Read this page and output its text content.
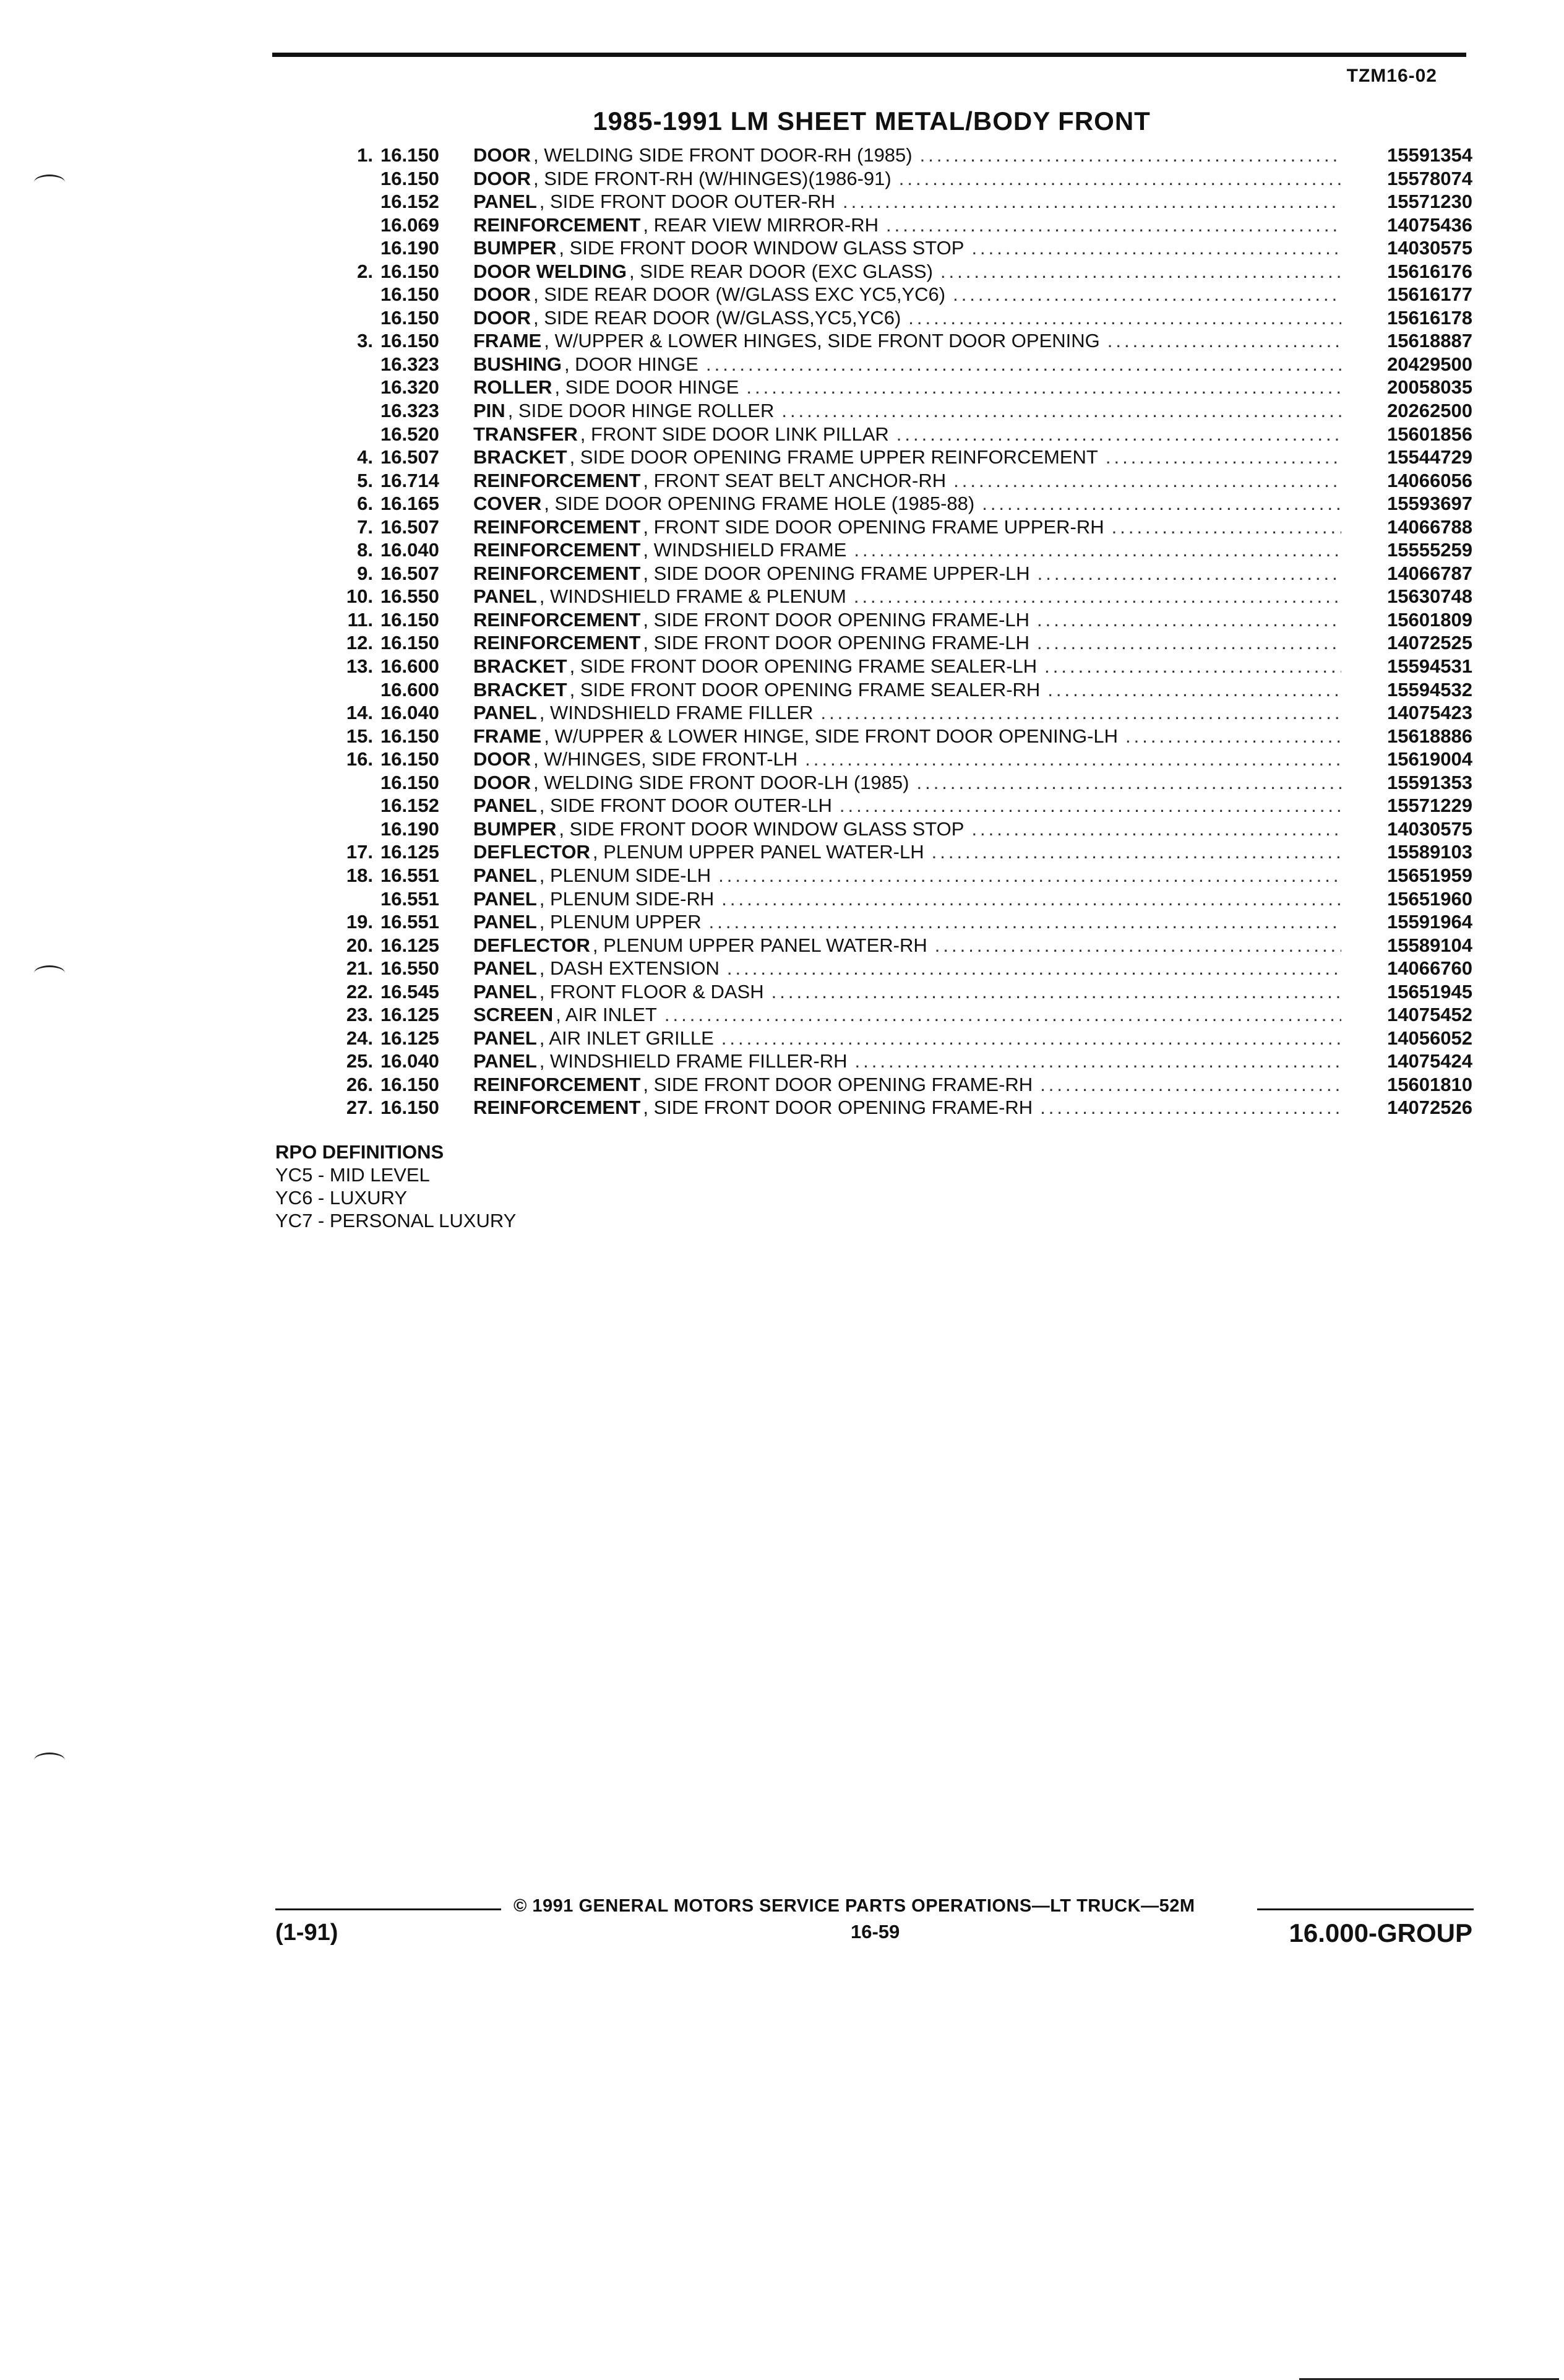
TZM16-02
1985-1991 LM SHEET METAL/BODY FRONT
1. 16.150	DOOR , WELDING SIDE FRONT DOOR-RH (1985) .....	15591354
16.150	DOOR , SIDE FRONT-RH (W/HINGES)(1986-91) .....	15578074
16.152	PANEL , SIDE FRONT DOOR OUTER-RH .....	15571230
16.069	REINFORCEMENT , REAR VIEW MIRROR-RH .....	14075436
16.190	BUMPER , SIDE FRONT DOOR WINDOW GLASS STOP .....	14030575
2. 16.150	DOOR WELDING , SIDE REAR DOOR (EXC GLASS) .....	15616176
16.150	DOOR , SIDE REAR DOOR (W/GLASS EXC YC5,YC6) .....	15616177
16.150	DOOR , SIDE REAR DOOR (W/GLASS,YC5,YC6) .....	15616178
3. 16.150	FRAME , W/UPPER & LOWER HINGES, SIDE FRONT DOOR OPENING .....	15618887
16.323	BUSHING , DOOR HINGE .....	20429500
16.320	ROLLER , SIDE DOOR HINGE .....	20058035
16.323	PIN , SIDE DOOR HINGE ROLLER .....	20262500
16.520	TRANSFER , FRONT SIDE DOOR LINK PILLAR .....	15601856
4. 16.507	BRACKET , SIDE DOOR OPENING FRAME UPPER REINFORCEMENT .....	15544729
5. 16.714	REINFORCEMENT , FRONT SEAT BELT ANCHOR-RH .....	14066056
6. 16.165	COVER , SIDE DOOR OPENING FRAME HOLE (1985-88) .....	15593697
7. 16.507	REINFORCEMENT , FRONT SIDE DOOR OPENING FRAME UPPER-RH .....	14066788
8. 16.040	REINFORCEMENT , WINDSHIELD FRAME .....	15555259
9. 16.507	REINFORCEMENT , SIDE DOOR OPENING FRAME UPPER-LH .....	14066787
10. 16.550	PANEL , WINDSHIELD FRAME & PLENUM .....	15630748
11. 16.150	REINFORCEMENT , SIDE FRONT DOOR OPENING FRAME-LH .....	15601809
12. 16.150	REINFORCEMENT , SIDE FRONT DOOR OPENING FRAME-LH .....	14072525
13. 16.600	BRACKET , SIDE FRONT DOOR OPENING FRAME SEALER-LH .....	15594531
16.600	BRACKET , SIDE FRONT DOOR OPENING FRAME SEALER-RH .....	15594532
14. 16.040	PANEL , WINDSHIELD FRAME FILLER .....	14075423
15. 16.150	FRAME , W/UPPER & LOWER HINGE, SIDE FRONT DOOR OPENING-LH .....	15618886
16. 16.150	DOOR , W/HINGES, SIDE FRONT-LH .....	15619004
16.150	DOOR , WELDING SIDE FRONT DOOR-LH (1985) .....	15591353
16.152	PANEL , SIDE FRONT DOOR OUTER-LH .....	15571229
16.190	BUMPER , SIDE FRONT DOOR WINDOW GLASS STOP .....	14030575
17. 16.125	DEFLECTOR , PLENUM UPPER PANEL WATER-LH .....	15589103
18. 16.551	PANEL , PLENUM SIDE-LH .....	15651959
16.551	PANEL , PLENUM SIDE-RH .....	15651960
19. 16.551	PANEL , PLENUM UPPER .....	15591964
20. 16.125	DEFLECTOR , PLENUM UPPER PANEL WATER-RH .....	15589104
21. 16.550	PANEL , DASH EXTENSION .....	14066760
22. 16.545	PANEL , FRONT FLOOR & DASH .....	15651945
23. 16.125	SCREEN , AIR INLET .....	14075452
24. 16.125	PANEL , AIR INLET GRILLE .....	14056052
25. 16.040	PANEL , WINDSHIELD FRAME FILLER-RH .....	14075424
26. 16.150	REINFORCEMENT , SIDE FRONT DOOR OPENING FRAME-RH .....	15601810
27. 16.150	REINFORCEMENT , SIDE FRONT DOOR OPENING FRAME-RH .....	14072526
RPO DEFINITIONS
YC5 - MID LEVEL
YC6 - LUXURY
YC7 - PERSONAL LUXURY
© 1991 GENERAL MOTORS SERVICE PARTS OPERATIONS—LT TRUCK—52M
(1-91)	16-59	16.000-GROUP
